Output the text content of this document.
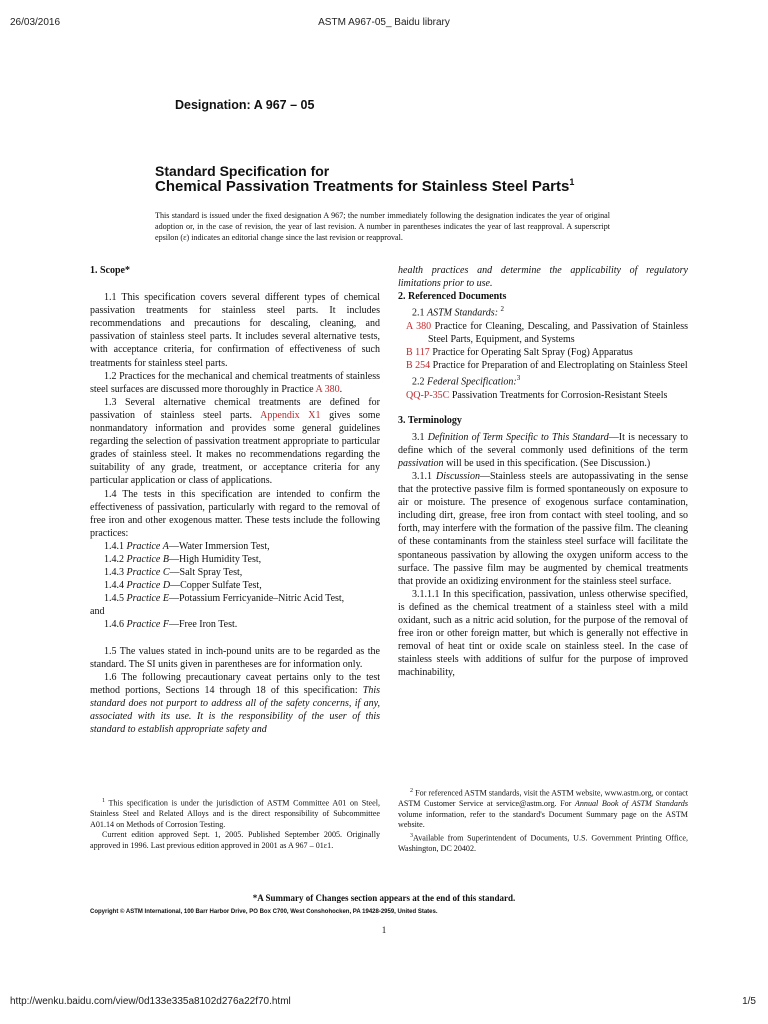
26/03/2016	ASTM A967-05_ Baidu library
Designation: A 967 – 05
Standard Specification for
Chemical Passivation Treatments for Stainless Steel Parts$^1$
This standard is issued under the fixed designation A 967; the number immediately following the designation indicates the year of original adoption or, in the case of revision, the year of last revision. A number in parentheses indicates the year of last reapproval. A superscript epsilon (ε) indicates an editorial change since the last revision or reapproval.

1. Scope*

1.1 This specification covers several different types of chemical passivation treatments for stainless steel parts. It includes recommendations and precautions for descaling, cleaning, and passivation of stainless steel parts. It includes several alternative tests, with acceptance criteria, for confirmation of effectiveness of such treatments for stainless steel parts.

1.2 Practices for the mechanical and chemical treatments of stainless steel surfaces are discussed more thoroughly in Practice A 380.

1.3 Several alternative chemical treatments are defined for passivation of stainless steel parts. Appendix X1 gives some nonmandatory information and provides some general guidelines regarding the selection of passivation treatment appropriate to particular grades of stainless steel. It makes no recommendations regarding the suitability of any grade, treatment, or acceptance criteria for any particular application or class of applications.

1.4 The tests in this specification are intended to confirm the effectiveness of passivation, particularly with regard to the removal of free iron and other exogenous matter. These tests include the following practices:

1.4.1 Practice A—Water Immersion Test,

1.4.2 Practice B—High Humidity Test,

1.4.3 Practice C—Salt Spray Test,

1.4.4 Practice D—Copper Sulfate Test,

1.4.5 Practice E—Potassium Ferricyanide–Nitric Acid Test,

and

1.4.6 Practice F—Free Iron Test.

1.5 The values stated in inch-pound units are to be regarded as the standard. The SI units given in parentheses are for information only.

1.6 The following precautionary caveat pertains only to the test method portions, Sections 14 through 18 of this specification: This standard does not purport to address all of the safety concerns, if any, associated with its use. It is the responsibility of the user of this standard to establish appropriate safety and

health practices and determine the applicability of regulatory limitations prior to use.

2. Referenced Documents

2.1 ASTM Standards: $^2$

A 380 Practice for Cleaning, Descaling, and Passivation of Stainless Steel Parts, Equipment, and Systems

B 117 Practice for Operating Salt Spray (Fog) Apparatus

B 254 Practice for Preparation of and Electroplating on Stainless Steel

2.2 Federal Specification:$^3$

QQ-P-35C Passivation Treatments for Corrosion-Resistant Steels

3. Terminology

3.1 Definition of Term Specific to This Standard—It is necessary to define which of the several commonly used definitions of the term passivation will be used in this specification. (See Discussion.)

3.1.1 Discussion—Stainless steels are autopassivating in the sense that the protective passive film is formed spontaneously on exposure to air or moisture. The presence of exogenous surface contamination, including dirt, grease, free iron from contact with steel tooling, and so forth, may interfere with the formation of the passive film. The cleaning of these contaminants from the stainless steel surface will facilitate the spontaneous passivation by allowing the oxygen uniform access to the surface. The passive film may be augmented by chemical treatments that provide an oxidizing environment for the stainless steel surface.

3.1.1.1 In this specification, passivation, unless otherwise specified, is defined as the chemical treatment of a stainless steel with a mild oxidant, such as a nitric acid solution, for the purpose of the removal of free iron or other foreign matter, but which is generally not effective in removal of heat tint or oxide scale on stainless steel. In the case of stainless steels with additions of sulfur for the purpose of improved machinability,

$^1$ This specification is under the jurisdiction of ASTM Committee A01 on Steel, Stainless Steel and Related Alloys and is the direct responsibility of Subcommittee A01.14 on Methods of Corrosion Testing.

Current edition approved Sept. 1, 2005. Published September 2005. Originally approved in 1996. Last previous edition approved in 2001 as A 967 – 01ε1.

$^2$ For referenced ASTM standards, visit the ASTM website, www.astm.org, or contact ASTM Customer Service at service@astm.org. For Annual Book of ASTM Standards volume information, refer to the standard's Document Summary page on the ASTM website.

$^3$Available from Superintendent of Documents, U.S. Government Printing Office, Washington, DC 20402.

*A Summary of Changes section appears at the end of this standard.
Copyright © ASTM International, 100 Barr Harbor Drive, PO Box C700, West Conshohocken, PA 19428-2959, United States.
1
http://wenku.baidu.com/view/0d133e335a8102d276a22f70.html	1/5
